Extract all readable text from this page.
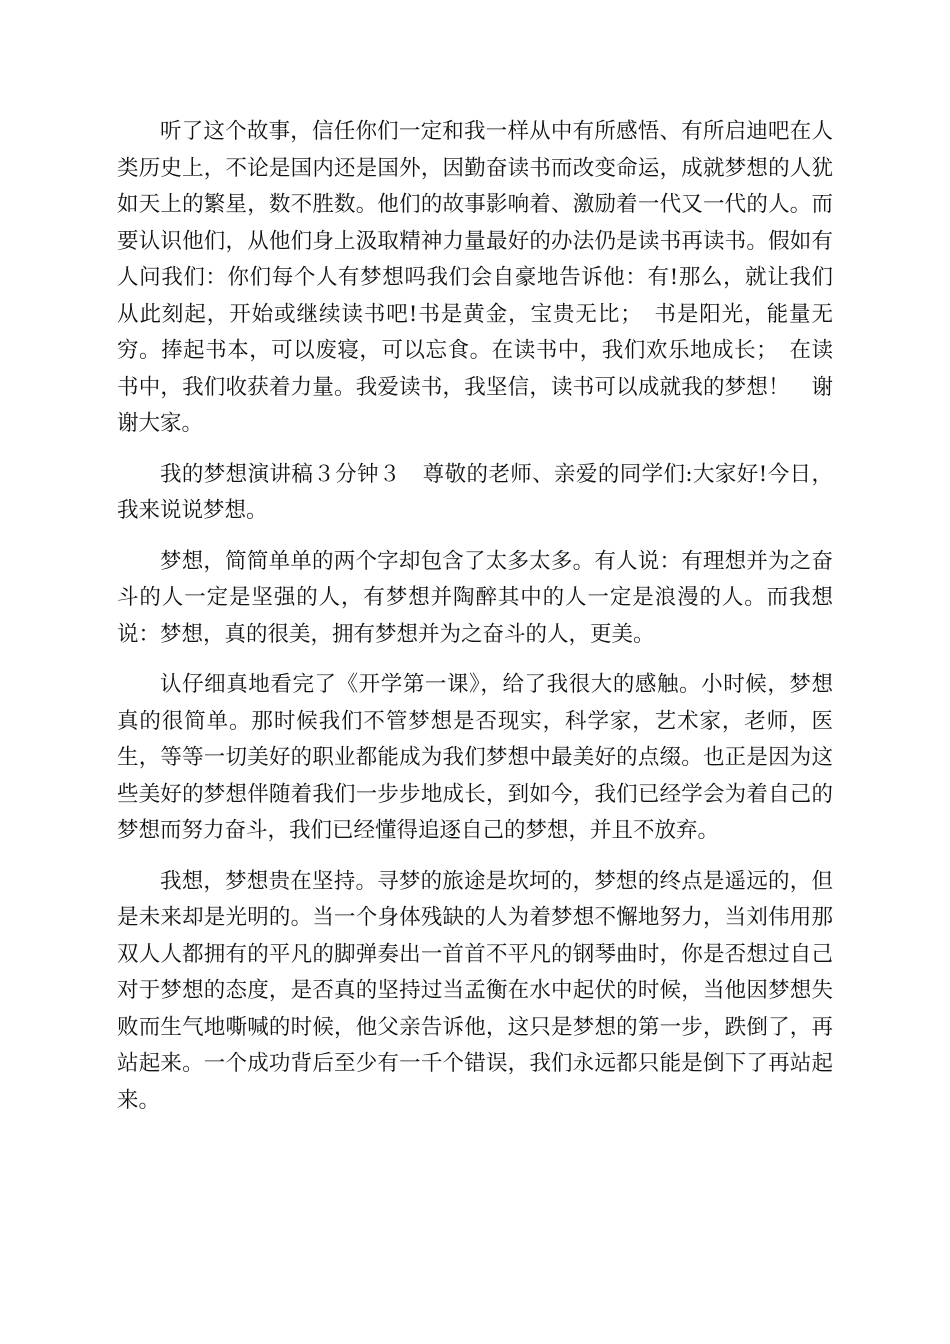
听了这个故事，信任你们一定和我一样从中有所感悟、有所启迪吧在人类历史上，不论是国内还是国外，因勤奋读书而改变命运，成就梦想的人犹如天上的繁星，数不胜数。他们的故事影响着、激励着一代又一代的人。而要认识他们，从他们身上汲取精神力量最好的办法仍是读书再读书。假如有人问我们：你们每个人有梦想吗我们会自豪地告诉他：有!那么，就让我们从此刻起，开始或继续读书吧!书是黄金，宝贵无比；　书是阳光，能量无穷。捧起书本，可以废寝，可以忘食。在读书中，我们欢乐地成长；　在读书中，我们收获着力量。我爱读书，我坚信，读书可以成就我的梦想！　谢谢大家。

我的梦想演讲稿３分钟３　尊敬的老师、亲爱的同学们:大家好!今日，我来说说梦想。

梦想，简简单单的两个字却包含了太多太多。有人说：有理想并为之奋斗的人一定是坚强的人，有梦想并陶醉其中的人一定是浪漫的人。而我想说：梦想，真的很美，拥有梦想并为之奋斗的人，更美。

认仔细真地看完了《开学第一课》，给了我很大的感触。小时候，梦想真的很简单。那时候我们不管梦想是否现实，科学家，艺术家，老师，医生，等等一切美好的职业都能成为我们梦想中最美好的点缀。也正是因为这些美好的梦想伴随着我们一步步地成长，到如今，我们已经学会为着自己的梦想而努力奋斗，我们已经懂得追逐自己的梦想，并且不放弃。

我想，梦想贵在坚持。寻梦的旅途是坎坷的，梦想的终点是遥远的，但是未来却是光明的。当一个身体残缺的人为着梦想不懈地努力，当刘伟用那双人人都拥有的平凡的脚弹奏出一首首不平凡的钢琴曲时，你是否想过自己对于梦想的态度，是否真的坚持过当孟衡在水中起伏的时候，当他因梦想失败而生气地嘶喊的时候，他父亲告诉他，这只是梦想的第一步，跌倒了，再站起来。一个成功背后至少有一千个错误，我们永远都只能是倒下了再站起来。
